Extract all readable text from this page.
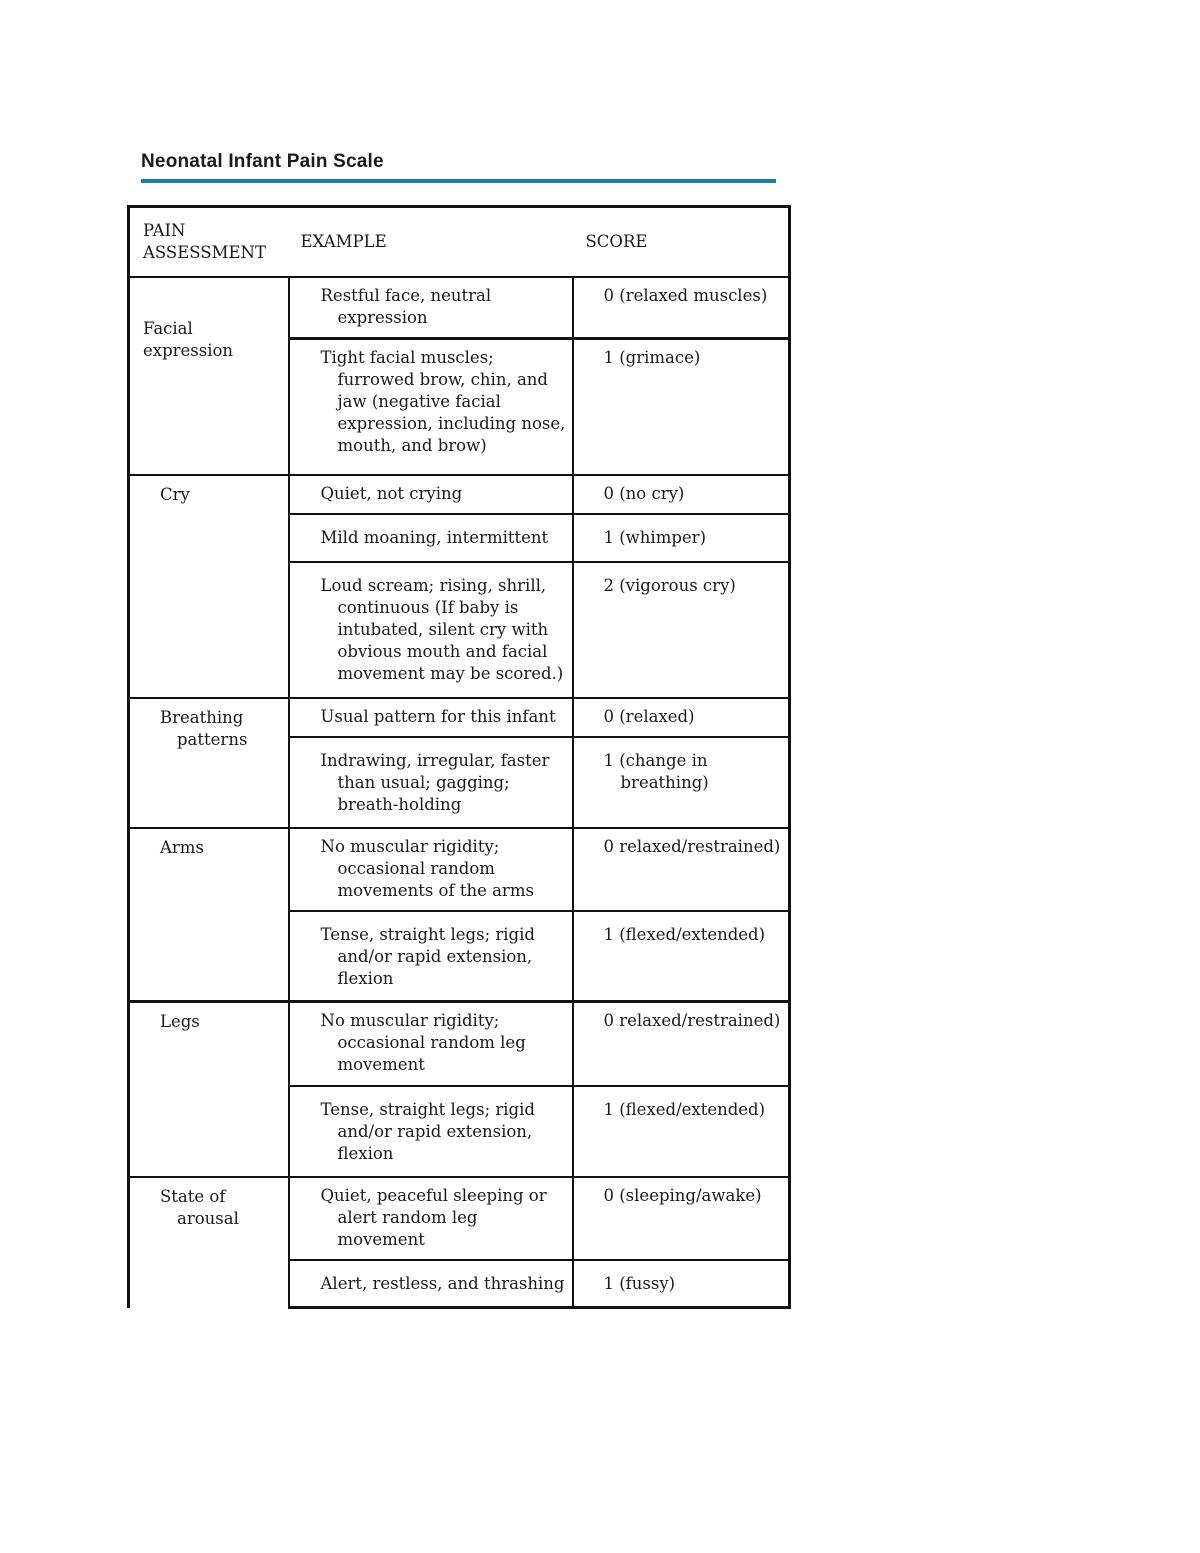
Neonatal Infant Pain Scale
PAIN ASSESSMENT	EXAMPLE	SCORE
Facial expression	Restful face, neutral expression	0 (relaxed muscles)

	Tight facial muscles; furrowed brow, chin, and jaw (negative facial expression, including nose, mouth, and brow)	1 (grimace)

Cry	Quiet, not crying	0 (no cry)

	Mild moaning, intermittent	1 (whimper)

	Loud scream; rising, shrill, continuous (If baby is intubated, silent cry with obvious mouth and facial movement may be scored.)	2 (vigorous cry)

Breathing patterns	Usual pattern for this infant	0 (relaxed)

	Indrawing, irregular, faster than usual; gagging; breath-holding	1 (change in breathing)

Arms	No muscular rigidity; occasional random movements of the arms	0 relaxed/restrained)

	Tense, straight legs; rigid and/or rapid extension, flexion	1 (flexed/extended)

Legs	No muscular rigidity; occasional random leg movement	0 relaxed/restrained)

	Tense, straight legs; rigid and/or rapid extension, flexion	1 (flexed/extended)

State of arousal	Quiet, peaceful sleeping or alert random leg movement	0 (sleeping/awake)

	Alert, restless, and thrashing	1 (fussy)
